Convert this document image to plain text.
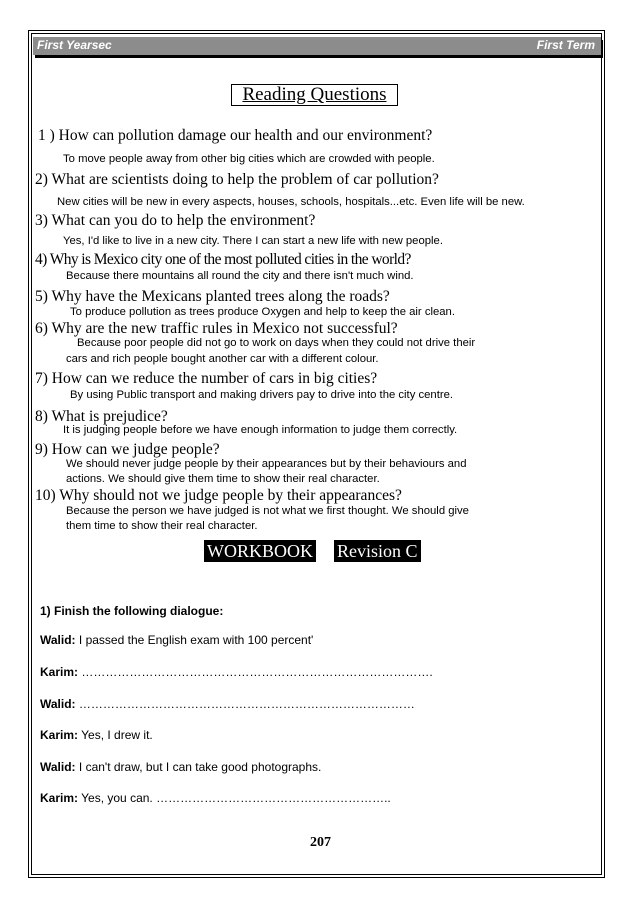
First Yearsec	First Term
Reading Questions
1 ) How can pollution damage our health and our environment?
To move people away from other big cities which are crowded with people.
2) What are scientists doing to help the problem of car pollution?
New cities will be new in every aspects, houses, schools, hospitals...etc. Even life will be new.
3) What can you do to help the environment?
Yes, I'd like to live in a new city. There I can start a new life with new people.
4) Why is Mexico city one of the most polluted cities in the world?
Because there mountains all round the city and there isn't much wind.
5) Why have the Mexicans planted trees along the roads?
To produce pollution as trees produce Oxygen and help to keep the air clean.
6) Why are the new traffic rules in Mexico not successful?
Because poor people did not go to work on days when they could not drive their
cars and rich people bought another car with a different colour.
7) How can we reduce the number of cars in big cities?
By using Public transport and making drivers pay to drive into the city centre.
8) What is prejudice?
It is judging people before we have enough information to judge them correctly.
9) How can we judge people?
We should never judge people by their appearances but by their behaviours and
actions. We should give them time to show their real character.
10) Why should not we judge people by their appearances?
Because the person we have judged is not what we first thought. We should give
them time to show their real character.
WORKBOOK Revision C
1) Finish the following dialogue:
Walid: I passed the English exam with 100 percent'
Karim: …………………………………………………………………………….
Walid: …………………………………………………………………………
Karim: Yes, I drew it.
Walid: I can't draw, but I can take good photographs.
Karim: Yes, you can. …………………………………………………..
207
